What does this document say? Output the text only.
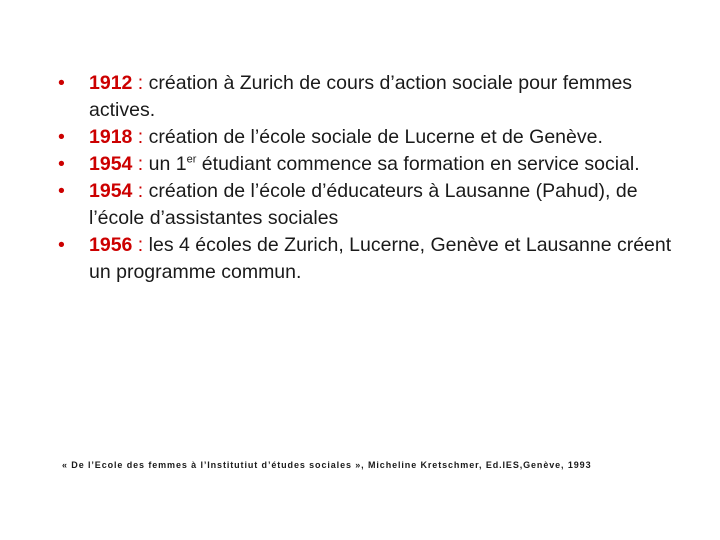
• 1912 : création à Zurich de cours d’action sociale pour femmes actives.
• 1918 : création de l’école sociale de Lucerne et de Genève.
• 1954 : un 1er étudiant commence sa formation en service social.
• 1954 : création de l’école d’éducateurs à Lausanne (Pahud), de l’école d’assistantes sociales
• 1956 : les 4 écoles de Zurich, Lucerne, Genève et Lausanne créent un programme commun.
« De l’Ecole des femmes à l’Institutiut d’études sociales », Micheline Kretschmer, Ed.IES,Genève, 1993
